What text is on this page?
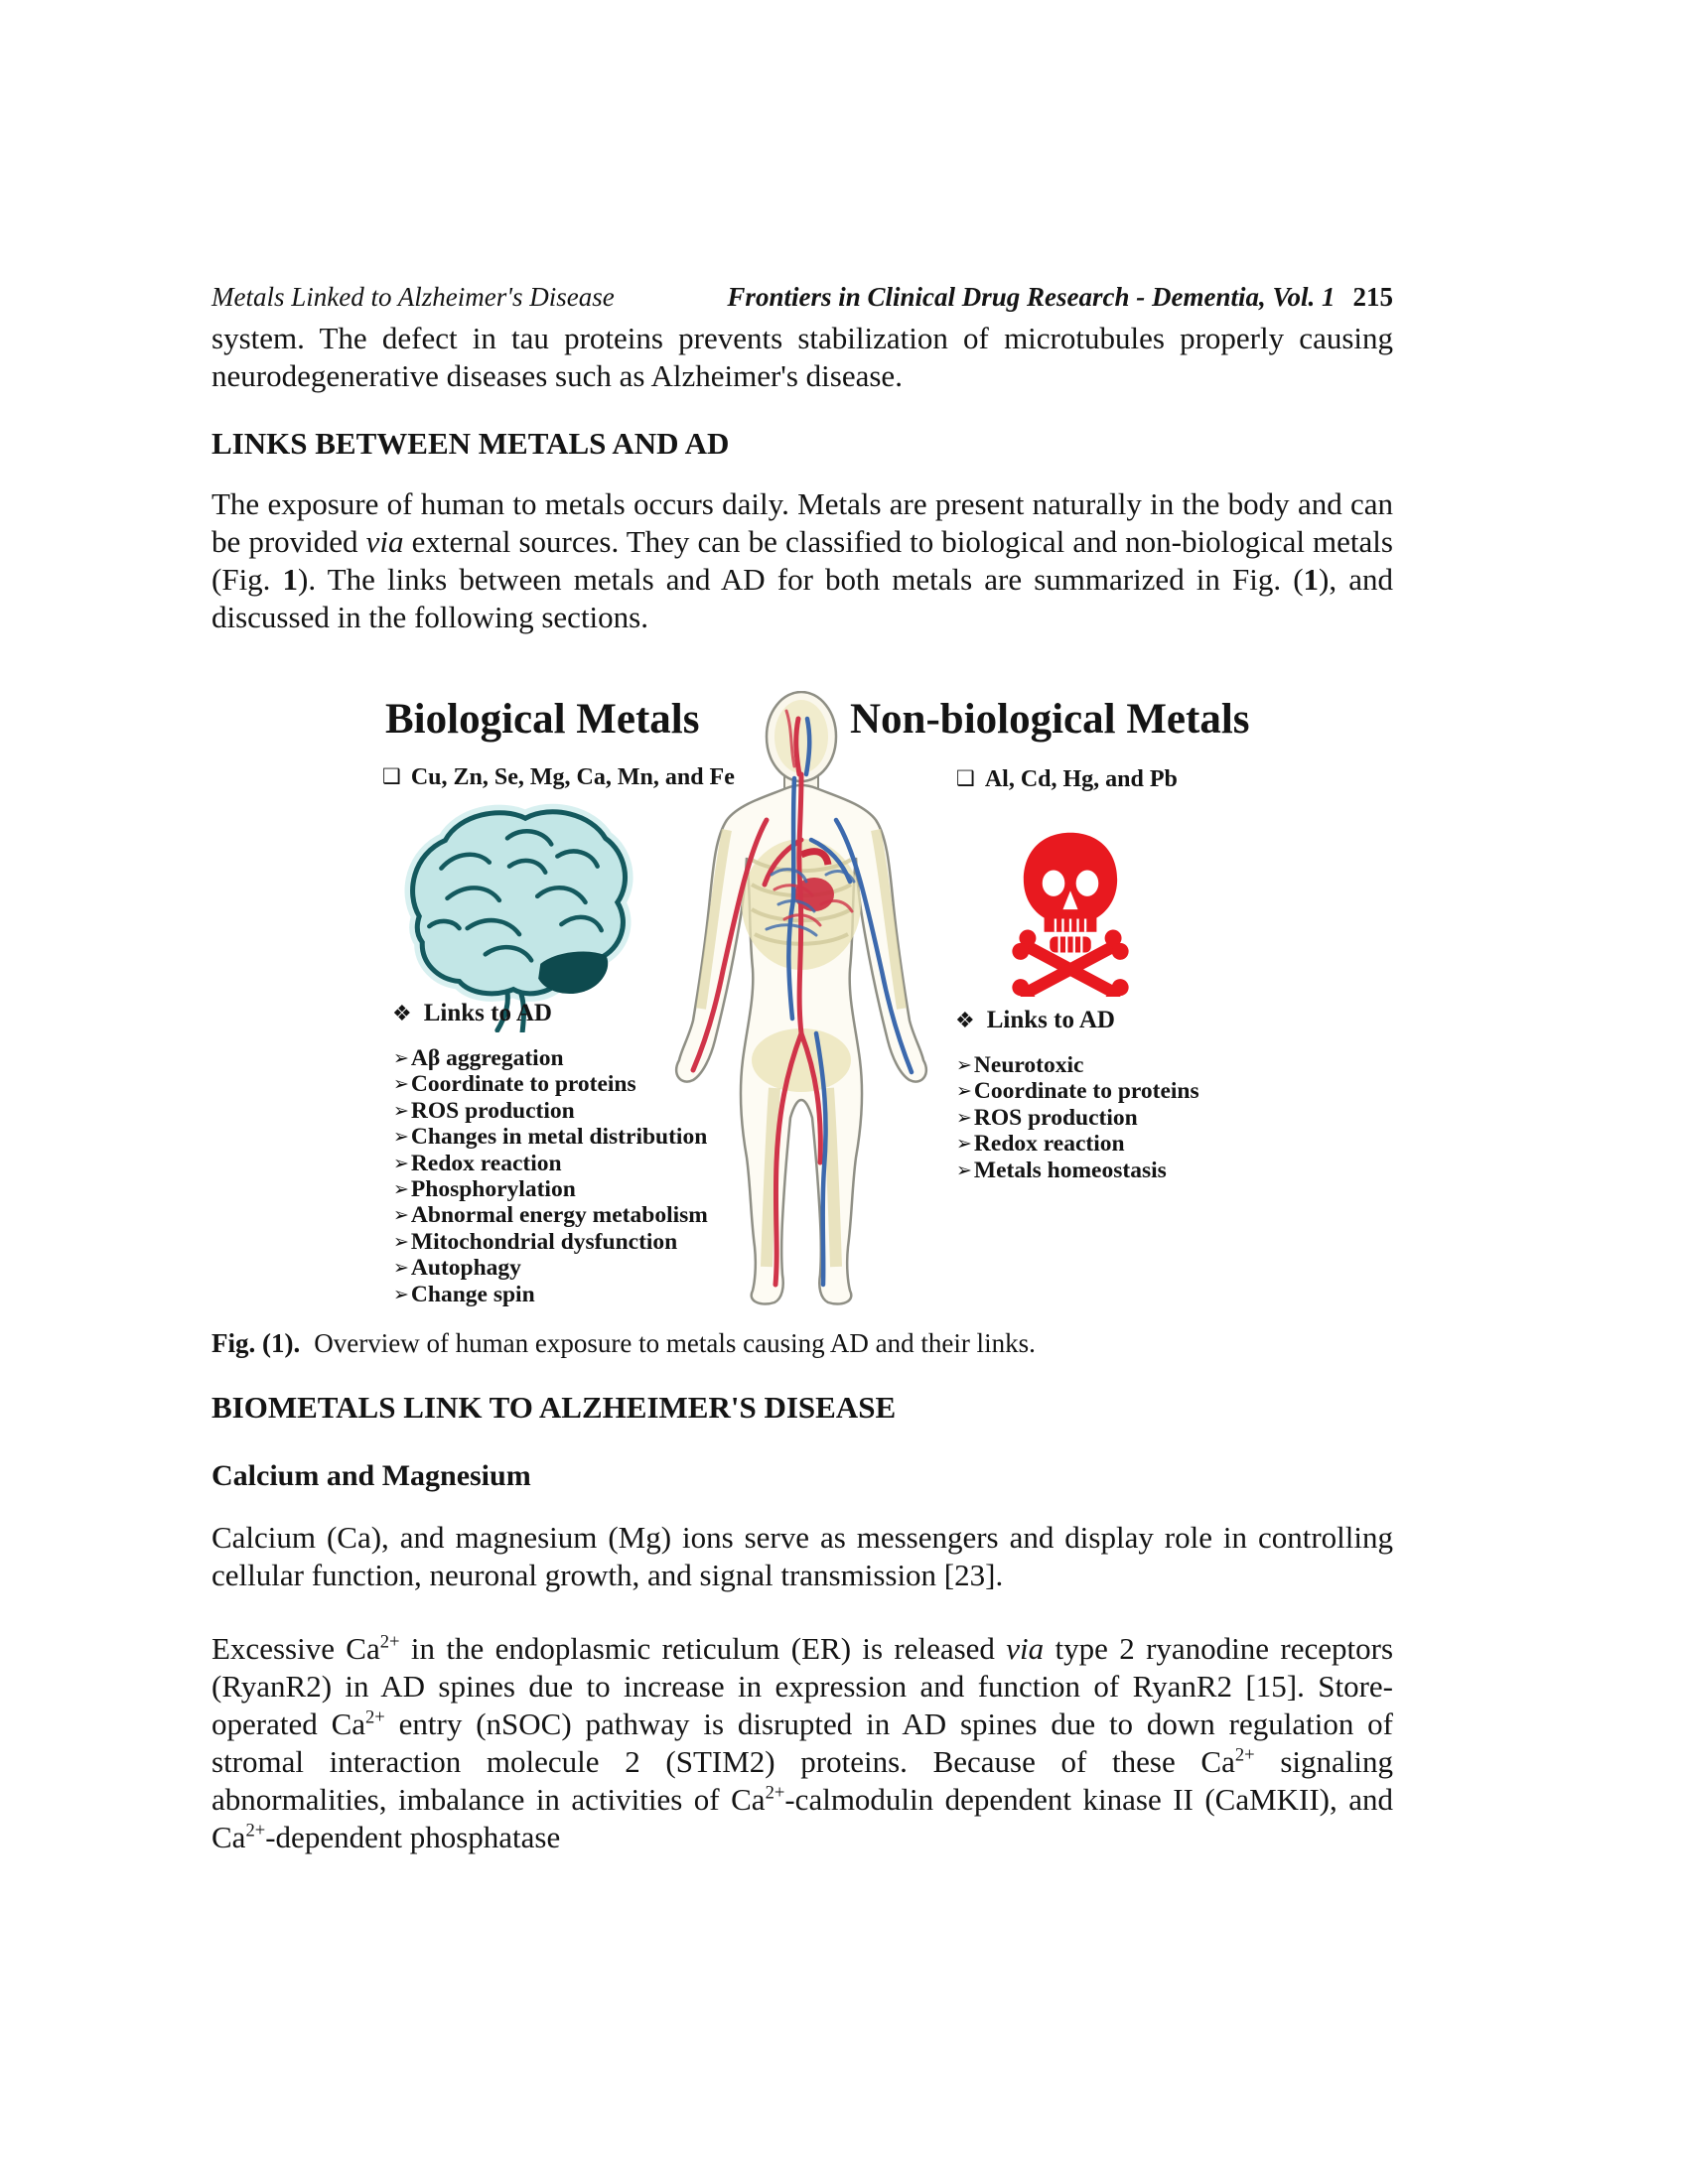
Metals Linked to Alzheimer's Disease	Frontiers in Clinical Drug Research - Dementia, Vol. 1 215
system. The defect in tau proteins prevents stabilization of microtubules properly causing neurodegenerative diseases such as Alzheimer's disease.
LINKS BETWEEN METALS AND AD
The exposure of human to metals occurs daily. Metals are present naturally in the body and can be provided via external sources. They can be classified to biological and non-biological metals (Fig. 1). The links between metals and AD for both metals are summarized in Fig. (1), and discussed in the following sections.
Biological Metals	Non-biological Metals
❑ Cu, Zn, Se, Mg, Ca, Mn, and Fe	❑ Al, Cd, Hg, and Pb
❖ Links to AD	❖ Links to AD
➢ Aβ aggregation
➢ Coordinate to proteins
➢ ROS production
➢ Changes in metal distribution
➢ Redox reaction
➢ Phosphorylation
➢ Abnormal energy metabolism
➢ Mitochondrial dysfunction
➢ Autophagy
➢ Change spin
➢ Neurotoxic
➢ Coordinate to proteins
➢ ROS production
➢ Redox reaction
➢ Metals homeostasis
Fig. (1). Overview of human exposure to metals causing AD and their links.
BIOMETALS LINK TO ALZHEIMER'S DISEASE
Calcium and Magnesium
Calcium (Ca), and magnesium (Mg) ions serve as messengers and display role in controlling cellular function, neuronal growth, and signal transmission [23].
Excessive $Ca^{2+}$ in the endoplasmic reticulum (ER) is released via type 2 ryanodine receptors (RyanR2) in AD spines due to increase in expression and function of RyanR2 [15]. Store-operated $Ca^{2+}$ entry (nSOC) pathway is disrupted in AD spines due to down regulation of stromal interaction molecule 2 (STIM2) proteins. Because of these $Ca^{2+}$ signaling abnormalities, imbalance in activities of $Ca^{2+}$-calmodulin dependent kinase II (CaMKII), and $Ca^{2+}$-dependent phosphatase
